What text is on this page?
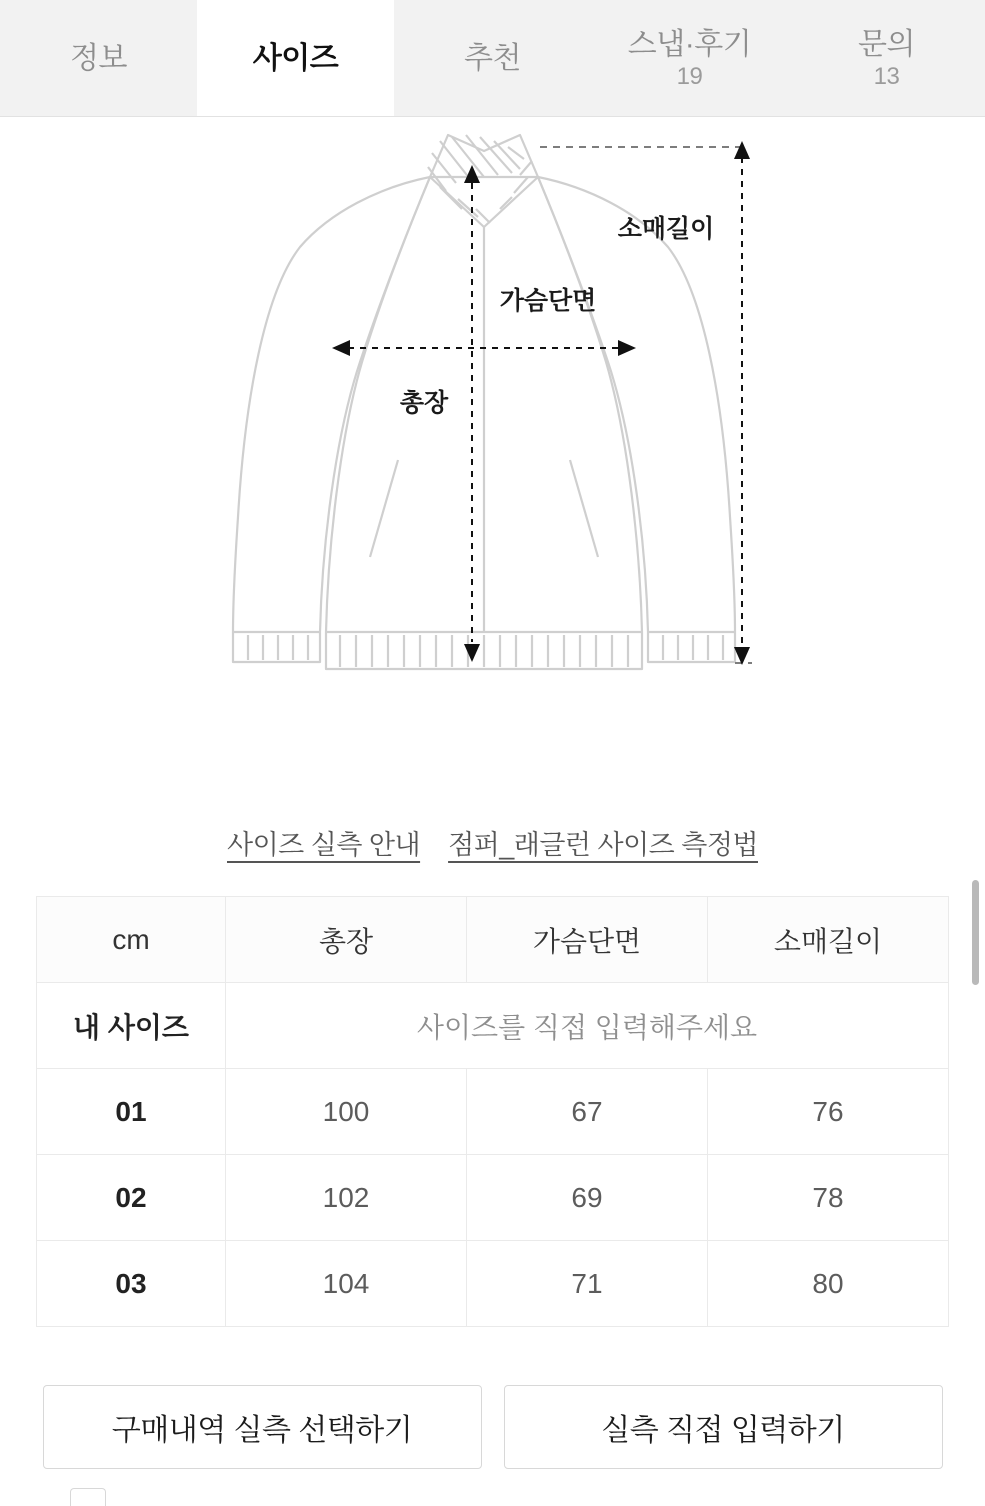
정보	사이즈	추천	스냅·후기
19
문의
13
소매길이
가슴단면
총장
사이즈 실측 안내 점퍼_래글런 사이즈 측정법
cm	총장	가슴단면	소매길이
내 사이즈	사이즈를 직접 입력해주세요		
01	100	67	76
02	102	69	78
03	104	71	80
구매내역 실측 선택하기	실측 직접 입력하기
